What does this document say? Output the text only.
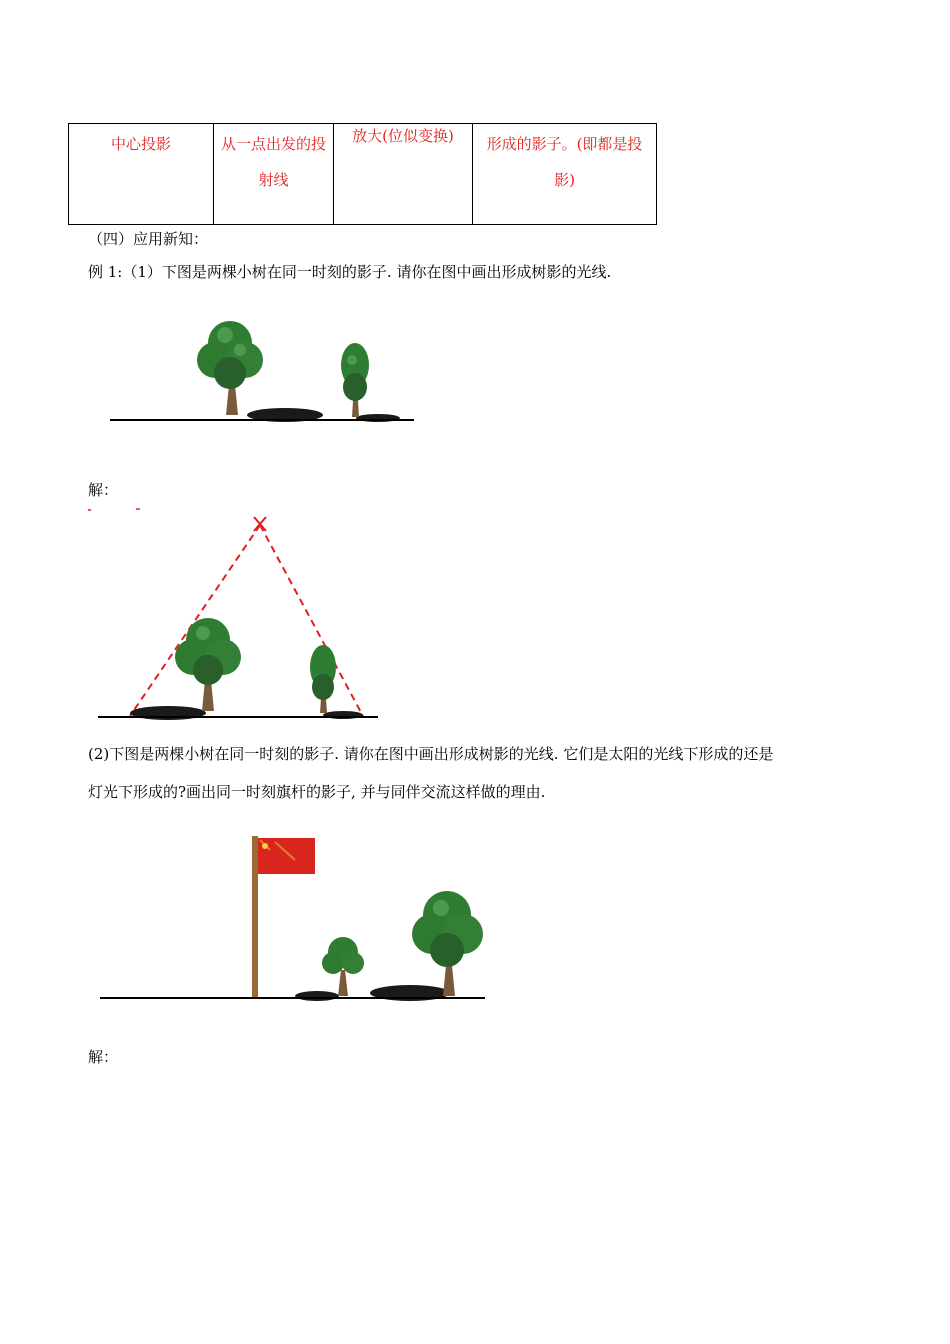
中心投影	从一点出发的投射线	放大(位似变换)	形成的影子。(即都是投影)
（四）应用新知：
例 1:（1）下图是两棵小树在同一时刻的影子. 请你在图中画出形成树影的光线.
解：
(2)下图是两棵小树在同一时刻的影子. 请你在图中画出形成树影的光线. 它们是太阳的光线下形成的还是
灯光下形成的?画出同一时刻旗杆的影子, 并与同伴交流这样做的理由.
解：
